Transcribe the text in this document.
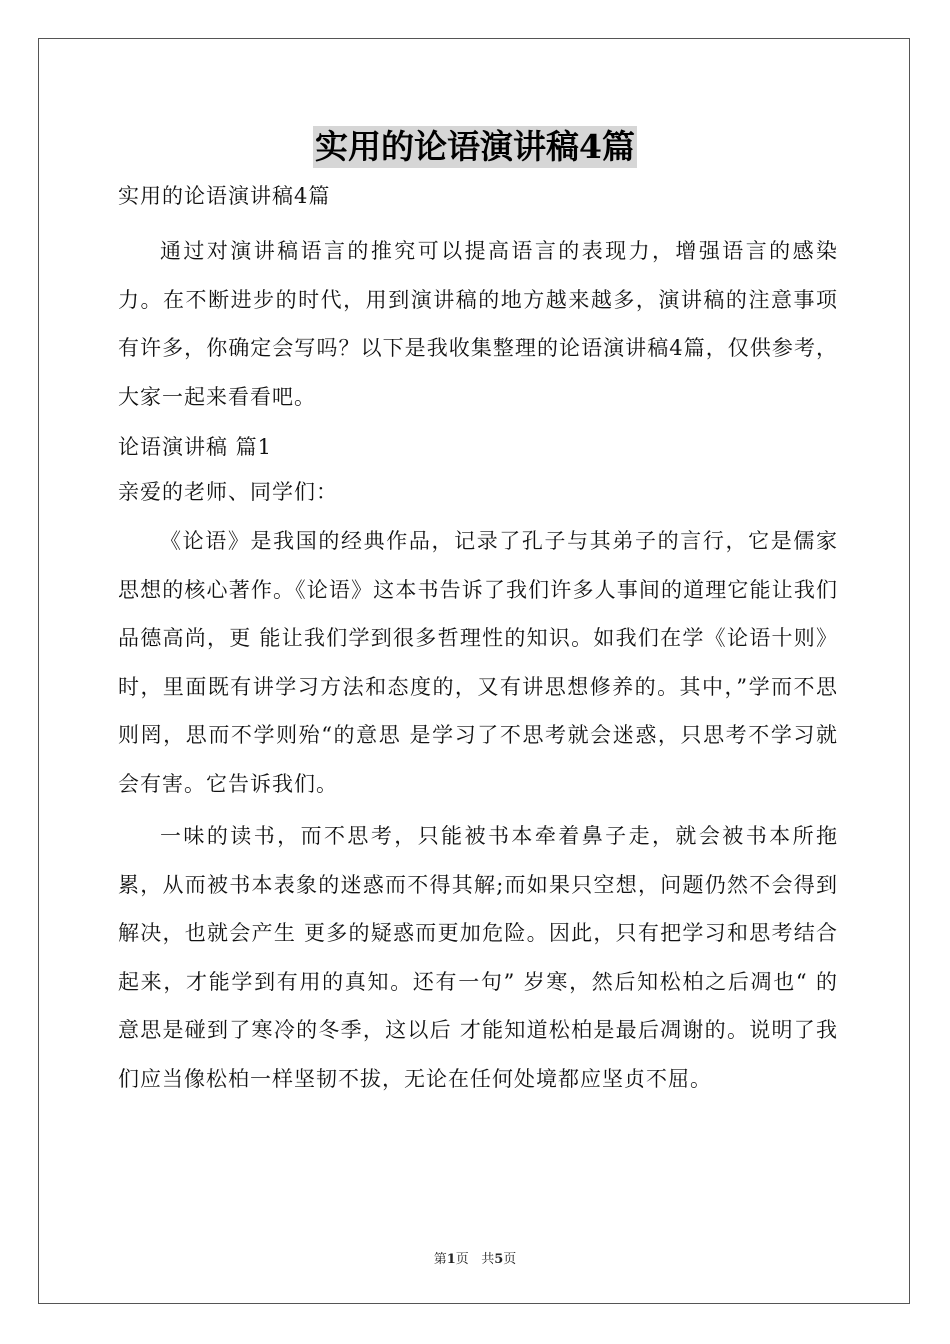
实用的论语演讲稿4篇

实用的论语演讲稿4篇

通过对演讲稿语言的推究可以提高语言的表现力，增强语言的感染力。在不断进步的时代，用到演讲稿的地方越来越多，演讲稿的注意事项有许多，你确定会写吗？以下是我收集整理的论语演讲稿4篇，仅供参考，大家一起来看看吧。

论语演讲稿 篇1

亲爱的老师、同学们：

《论语》是我国的经典作品，记录了孔子与其弟子的言行，它是儒家思想的核心著作。《论语》这本书告诉了我们许多人事间的道理它能让我们品德高尚，更 能让我们学到很多哲理性的知识。如我们在学《论语十则》时，里面既有讲学习方法和态度的，又有讲思想修养的。其中，”学而不思则罔，思而不学则殆“的意思 是学习了不思考就会迷惑，只思考不学习就会有害。它告诉我们。

一味的读书，而不思考，只能被书本牵着鼻子走，就会被书本所拖累，从而被书本表象的迷惑而不得其解;而如果只空想，问题仍然不会得到解决，也就会产生 更多的疑惑而更加危险。因此，只有把学习和思考结合起来，才能学到有用的真知。还有一句” 岁寒，然后知松柏之后凋也“ 的意思是碰到了寒冷的冬季，这以后 才能知道松柏是最后凋谢的。说明了我们应当像松柏一样坚韧不拔，无论在任何处境都应坚贞不屈。

第1页 共5页
